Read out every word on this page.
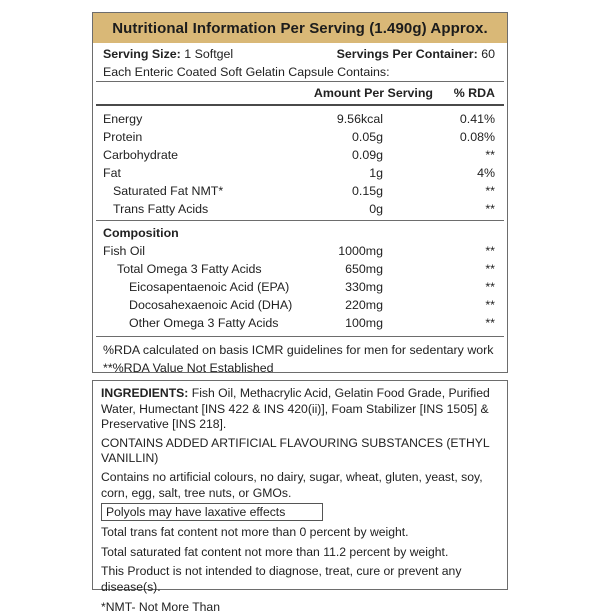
Nutritional Information Per Serving (1.490g) Approx.
Serving Size: 1 Softgel	Servings Per Container: 60
Each Enteric Coated Soft Gelatin Capsule Contains:
Amount Per Serving % RDA
Energy	9.56kcal	0.41%
Protein	0.05g	0.08%
Carbohydrate	0.09g	**
Fat	1g	4%
Saturated Fat NMT*	0.15g	**
Trans Fatty Acids	0g	**
Composition
Fish Oil	1000mg	**
Total Omega 3 Fatty Acids	650mg	**
Eicosapentaenoic Acid (EPA)	330mg	**
Docosahexaenoic Acid (DHA)	220mg	**
Other Omega 3 Fatty Acids	100mg	**
%RDA calculated on basis ICMR guidelines for men for sedentary work
**%RDA Value Not Established
INGREDIENTS: Fish Oil, Methacrylic Acid, Gelatin Food Grade, Purified Water, Humectant [INS 422 & INS 420(ii)], Foam Stabilizer [INS 1505] & Preservative [INS 218].
CONTAINS ADDED ARTIFICIAL FLAVOURING SUBSTANCES (ETHYL VANILLIN)
Contains no artificial colours, no dairy, sugar, wheat, gluten, yeast, soy, corn, egg, salt, tree nuts, or GMOs.
Polyols may have laxative effects
Total trans fat content not more than 0 percent by weight.
Total saturated fat content not more than 11.2 percent by weight.
This Product is not intended to diagnose, treat, cure or prevent any disease(s).
*NMT- Not More Than
